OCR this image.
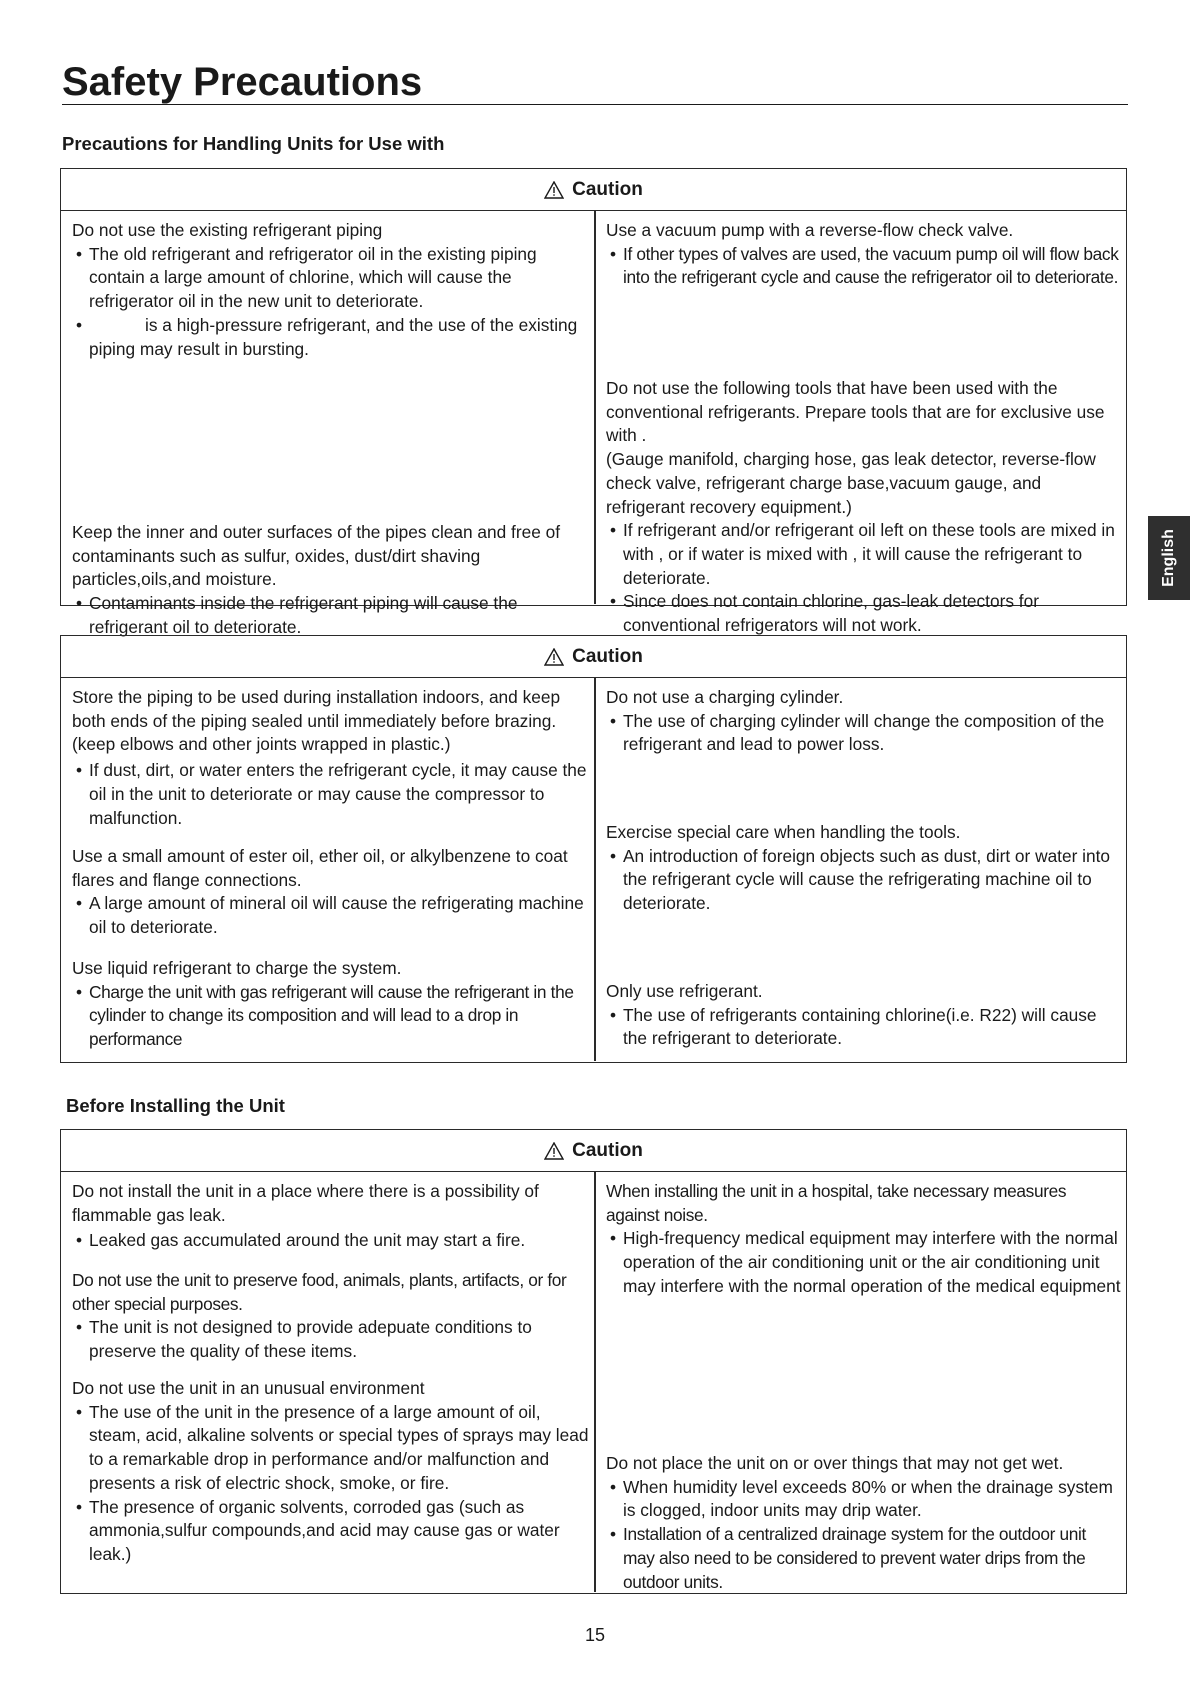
Safety Precautions
Precautions for Handling Units for Use with
Caution
Do not use the existing refrigerant piping
• The old refrigerant and refrigerator oil in the existing piping contain a large amount of chlorine, which will cause the refrigerator oil in the new unit to deteriorate.
• is a high-pressure refrigerant, and the use of the existing piping may result in bursting.
Keep the inner and outer surfaces of the pipes clean and free of contaminants such as sulfur, oxides, dust/dirt shaving particles,oils,and moisture.
• Contaminants inside the refrigerant piping will cause the refrigerant oil to deteriorate.
Use a vacuum pump with a reverse-flow check valve.
• If other types of valves are used, the vacuum pump oil will flow back into the refrigerant cycle and cause the refrigerator oil to deteriorate.
Do not use the following tools that have been used with the conventional refrigerants. Prepare tools that are for exclusive use with .
(Gauge manifold, charging hose, gas leak detector, reverse-flow check valve, refrigerant charge base,vacuum gauge, and refrigerant recovery equipment.)
• If refrigerant and/or refrigerant oil left on these tools are mixed in with , or if water is mixed with , it will cause the refrigerant to deteriorate.
• Since does not contain chlorine, gas-leak detectors for conventional refrigerators will not work.
Caution
Store the piping to be used during installation indoors, and keep both ends of the piping sealed until immediately before brazing.(keep elbows and other joints wrapped in plastic.)
• If dust, dirt, or water enters the refrigerant cycle, it may cause the oil in the unit to deteriorate or may cause the compressor to malfunction.
Use a small amount of ester oil, ether oil, or alkylbenzene to coat flares and flange connections.
• A large amount of mineral oil will cause the refrigerating machine oil to deteriorate.
Use liquid refrigerant to charge the system.
• Charge the unit with gas refrigerant will cause the refrigerant in the cylinder to change its composition and will lead to a drop in performance
Do not use a charging cylinder.
• The use of charging cylinder will change the composition of the refrigerant and lead to power loss.
Exercise special care when handling the tools.
• An introduction of foreign objects such as dust, dirt or water into the refrigerant cycle will cause the refrigerating machine oil to deteriorate.
Only use refrigerant.
• The use of refrigerants containing chlorine(i.e. R22) will cause the refrigerant to deteriorate.
Before Installing the Unit
Caution
Do not install the unit in a place where there is a possibility of flammable gas leak.
• Leaked gas accumulated around the unit may start a fire.
Do not use the unit to preserve food, animals, plants, artifacts, or for other special purposes.
• The unit is not designed to provide adepuate conditions to preserve the quality of these items.
Do not use the unit in an unusual environment
• The use of the unit in the presence of a large amount of oil, steam, acid, alkaline solvents or special types of sprays may lead to a remarkable drop in performance and/or malfunction and presents a risk of electric shock, smoke, or fire.
• The presence of organic solvents, corroded gas (such as ammonia,sulfur compounds,and acid may cause gas or water leak.)
When installing the unit in a hospital, take necessary measures against noise.
• High-frequency medical equipment may interfere with the normal operation of the air conditioning unit or the air conditioning unit may interfere with the normal operation of the medical equipment
Do not place the unit on or over things that may not get wet.
• When humidity level exceeds 80% or when the drainage system is clogged, indoor units may drip water.
• Installation of a centralized drainage system for the outdoor unit may also need to be considered to prevent water drips from the outdoor units.
English
15
